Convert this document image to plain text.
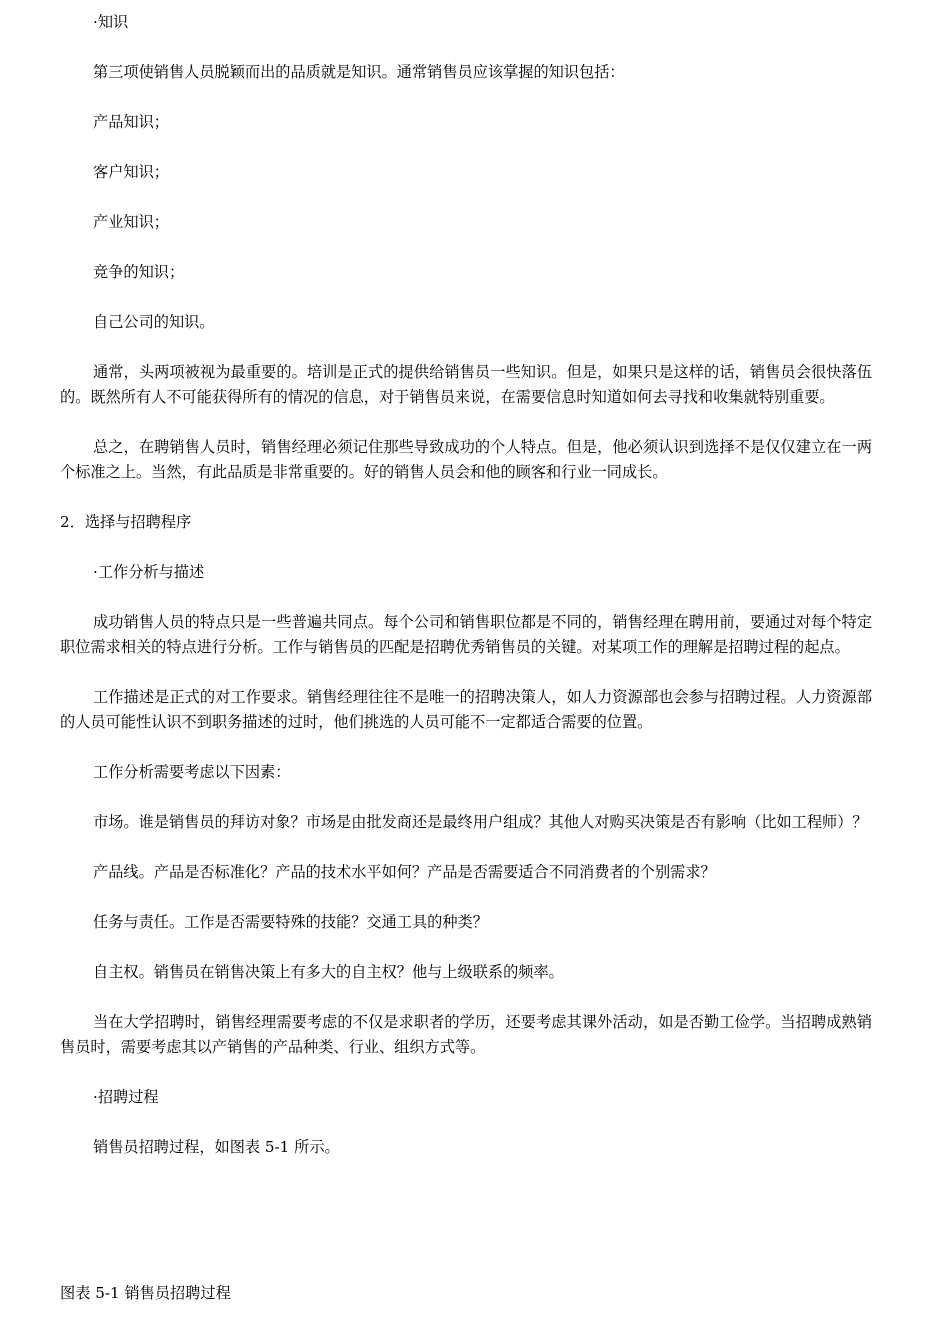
·知识

第三项使销售人员脱颖而出的品质就是知识。通常销售员应该掌握的知识包括：

产品知识；

客户知识；

产业知识；

竞争的知识；

自己公司的知识。

通常，头两项被视为最重要的。培训是正式的提供给销售员一些知识。但是，如果只是这样的话，销售员会很快落伍的。既然所有人不可能获得所有的情况的信息，对于销售员来说，在需要信息时知道如何去寻找和收集就特别重要。

总之，在聘销售人员时，销售经理必须记住那些导致成功的个人特点。但是，他必须认识到选择不是仅仅建立在一两个标准之上。当然，有此品质是非常重要的。好的销售人员会和他的顾客和行业一同成长。

2．选择与招聘程序

·工作分析与描述

成功销售人员的特点只是一些普遍共同点。每个公司和销售职位都是不同的，销售经理在聘用前，要通过对每个特定职位需求相关的特点进行分析。工作与销售员的匹配是招聘优秀销售员的关键。对某项工作的理解是招聘过程的起点。

工作描述是正式的对工作要求。销售经理往往不是唯一的招聘决策人，如人力资源部也会参与招聘过程。人力资源部的人员可能性认识不到职务描述的过时，他们挑选的人员可能不一定都适合需要的位置。

工作分析需要考虑以下因素：

市场。谁是销售员的拜访对象？市场是由批发商还是最终用户组成？其他人对购买决策是否有影响（比如工程师）？

产品线。产品是否标准化？产品的技术水平如何？产品是否需要适合不同消费者的个别需求？

任务与责任。工作是否需要特殊的技能？交通工具的种类？

自主权。销售员在销售决策上有多大的自主权？他与上级联系的频率。

当在大学招聘时，销售经理需要考虑的不仅是求职者的学历，还要考虑其课外活动，如是否勤工俭学。当招聘成熟销售员时，需要考虑其以产销售的产品种类、行业、组织方式等。

·招聘过程

销售员招聘过程，如图表 5-1 所示。

图表 5-1 销售员招聘过程
